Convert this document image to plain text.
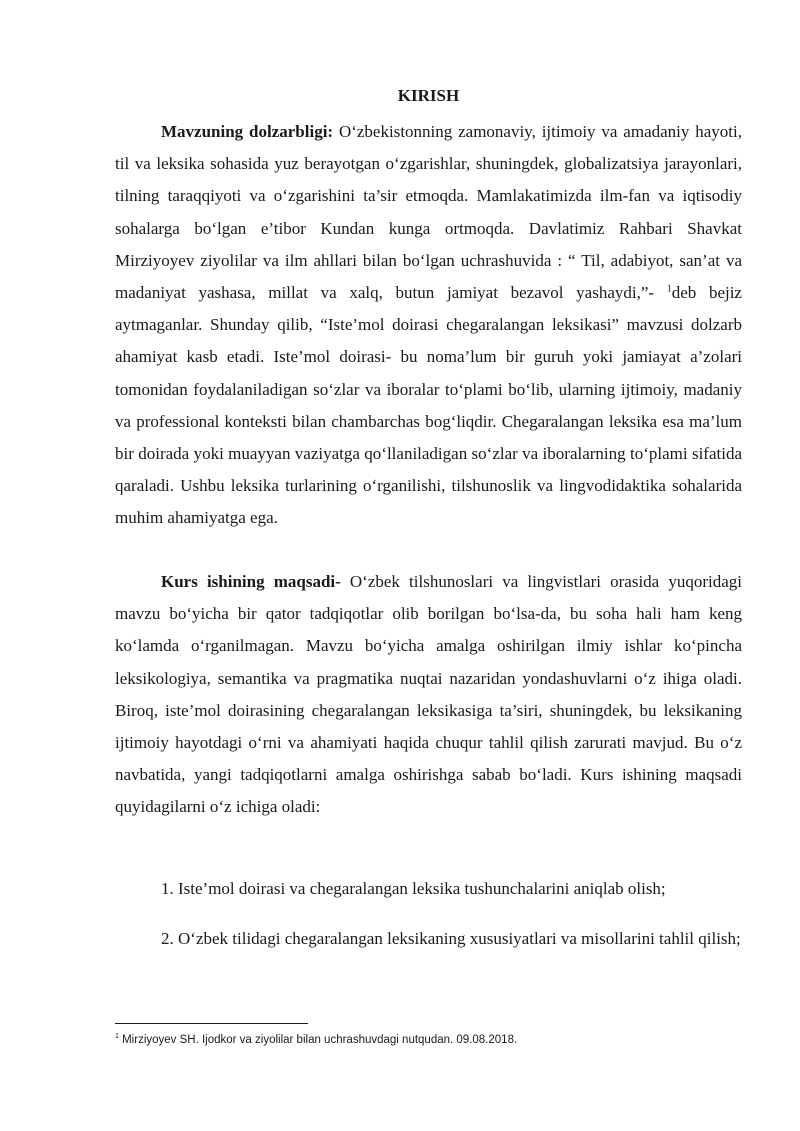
KIRISH

Mavzuning dolzarbligi: O‘zbekistonning zamonaviy, ijtimoiy va amadaniy hayoti, til va leksika sohasida yuz berayotgan o‘zgarishlar, shuningdek, globalizatsiya jarayonlari, tilning taraqqiyoti va o‘zgarishini ta’sir etmoqda. Mamlakatimizda ilm-fan va iqtisodiy sohalarga bo‘lgan e’tibor Kundan kunga ortmoqda. Davlatimiz Rahbari Shavkat Mirziyoyev ziyolilar va ilm ahllari bilan bo‘lgan uchrashuvida : “ Til, adabiyot, san’at va madaniyat yashasa, millat va xalq, butun jamiyat bezavol yashaydi,”- $^1$deb bejiz aytmaganlar. Shunday qilib, “Iste’mol doirasi chegaralangan leksikasi” mavzusi dolzarb ahamiyat kasb etadi. Iste’mol doirasi- bu noma’lum bir guruh yoki jamiayat a’zolari tomonidan foydalaniladigan so‘zlar va iboralar to‘plami bo‘lib, ularning ijtimoiy, madaniy va professional konteksti bilan chambarchas bog‘liqdir. Chegaralangan leksika esa ma’lum bir doirada yoki muayyan vaziyatga qo‘llaniladigan so‘zlar va iboralarning to‘plami sifatida qaraladi. Ushbu leksika turlarining o‘rganilishi, tilshunoslik va lingvodidaktika sohalarida muhim ahamiyatga ega.

Kurs ishining maqsadi- O‘zbek tilshunoslari va lingvistlari orasida yuqoridagi mavzu bo‘yicha bir qator tadqiqotlar olib borilgan bo‘lsa-da, bu soha hali ham keng ko‘lamda o‘rganilmagan. Mavzu bo‘yicha amalga oshirilgan ilmiy ishlar ko‘pincha leksikologiya, semantika va pragmatika nuqtai nazaridan yondashuvlarni o‘z ihiga oladi. Biroq, iste’mol doirasining chegaralangan leksikasiga ta’siri, shuningdek, bu leksikaning ijtimoiy hayotdagi o‘rni va ahamiyati haqida chuqur tahlil qilish zarurati mavjud. Bu o‘z navbatida, yangi tadqiqotlarni amalga oshirishga sabab bo‘ladi. Kurs ishining maqsadi quyidagilarni o‘z ichiga oladi:

1. Iste’mol doirasi va chegaralangan leksika tushunchalarini aniqlab olish;

2. O‘zbek tilidagi chegaralangan leksikaning xususiyatlari va misollarini tahlil qilish;

$^1$ Mirziyoyev SH. Ijodkor va ziyolilar bilan uchrashuvdagi nutqudan. 09.08.2018.
